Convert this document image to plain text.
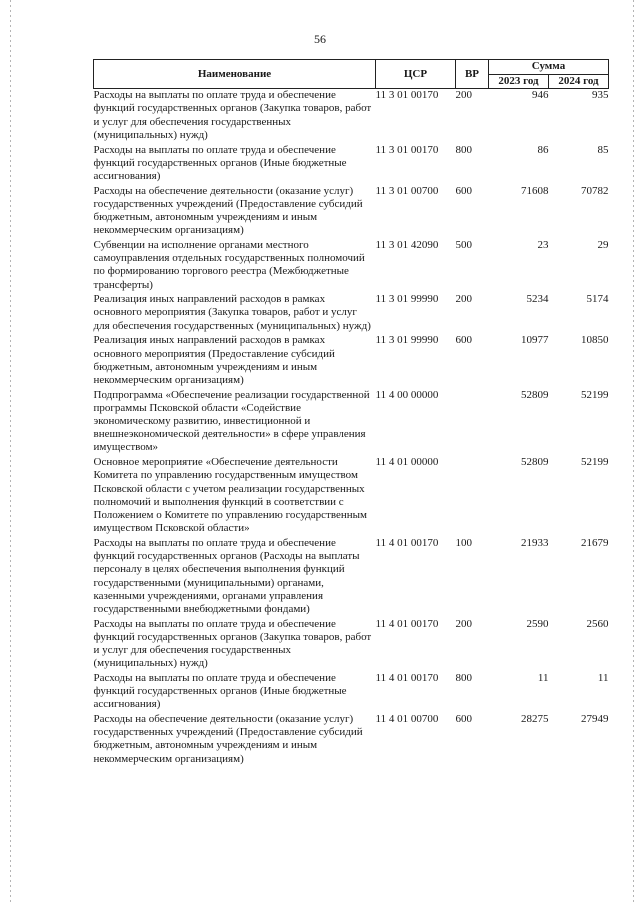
56
Наименование	ЦСР	ВР	Сумма	
			2023 год	2024 год
Расходы на выплаты по оплате труда и обеспечение функций государственных органов (Закупка товаров, работ и услуг для обеспечения государственных (муниципальных) нужд)	11 3 01 00170	200	946	935
Расходы на выплаты по оплате труда и обеспечение функций государственных органов (Иные бюджетные ассигнования)	11 3 01 00170	800	86	85
Расходы на обеспечение деятельности (оказание услуг) государственных учреждений (Предоставление субсидий бюджетным, автономным учреждениям и иным некоммерческим организациям)	11 3 01 00700	600	71608	70782
Субвенции на исполнение органами местного самоуправления отдельных государственных полномочий по формированию торгового реестра (Межбюджетные трансферты)	11 3 01 42090	500	23	29
Реализация иных направлений расходов в рамках основного мероприятия (Закупка товаров, работ и услуг для обеспечения государственных (муниципальных) нужд)	11 3 01 99990	200	5234	5174
Реализация иных направлений расходов в рамках основного мероприятия (Предоставление субсидий бюджетным, автономным учреждениям и иным некоммерческим организациям)	11 3 01 99990	600	10977	10850
Подпрограмма «Обеспечение реализации государственной программы Псковской области «Содействие экономическому развитию, инвестиционной и внешнеэкономической деятельности» в сфере управления имуществом»	11 4 00 00000		52809	52199
Основное мероприятие «Обеспечение деятельности Комитета по управлению государственным имуществом Псковской области с учетом реализации государственных полномочий и выполнения функций в соответствии с Положением о Комитете по управлению государственным имуществом Псковской области»	11 4 01 00000		52809	52199
Расходы на выплаты по оплате труда и обеспечение функций государственных органов (Расходы на выплаты персоналу в целях обеспечения выполнения функций государственными (муниципальными) органами, казенными учреждениями, органами управления государственными внебюджетными фондами)	11 4 01 00170	100	21933	21679
Расходы на выплаты по оплате труда и обеспечение функций государственных органов (Закупка товаров, работ и услуг для обеспечения государственных (муниципальных) нужд)	11 4 01 00170	200	2590	2560
Расходы на выплаты по оплате труда и обеспечение функций государственных органов (Иные бюджетные ассигнования)	11 4 01 00170	800	11	11
Расходы на обеспечение деятельности (оказание услуг) государственных учреждений (Предоставление субсидий бюджетным, автономным учреждениям и иным некоммерческим организациям)	11 4 01 00700	600	28275	27949
